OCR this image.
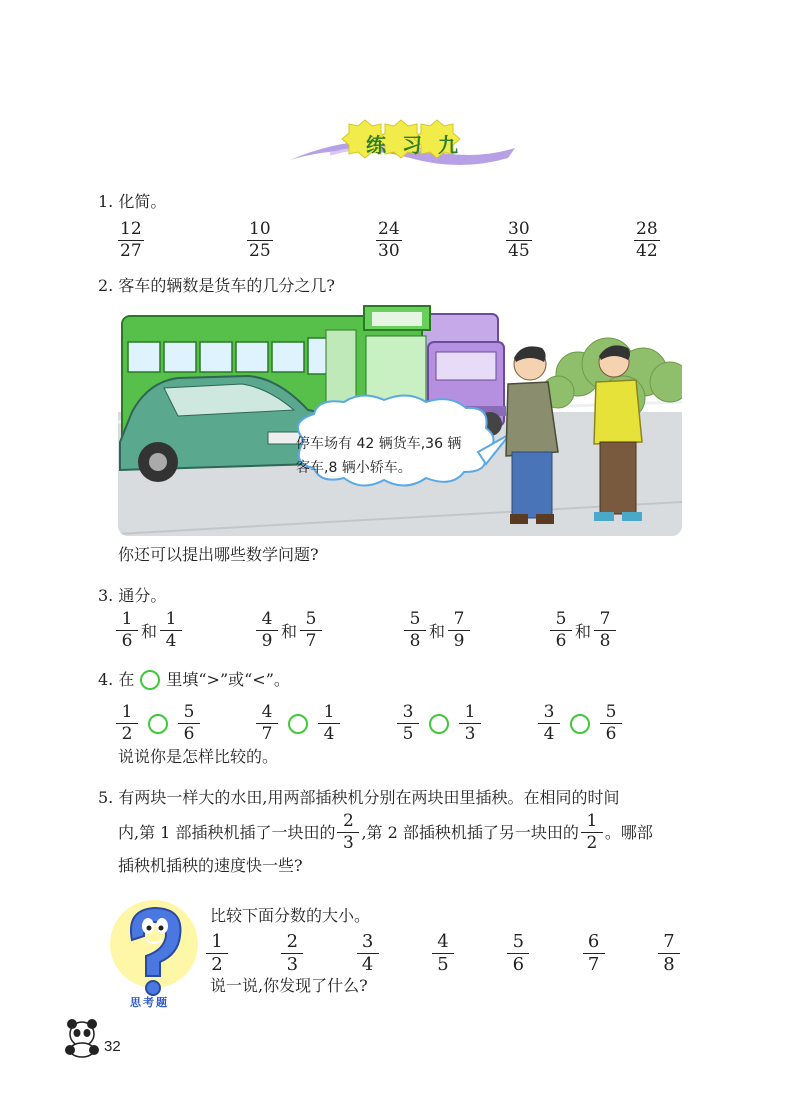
练 习 九
1. 化简。
$\frac{12}{27}$	$\frac{10}{25}$	$\frac{24}{30}$	$\frac{30}{45}$	$\frac{28}{42}$
2. 客车的辆数是货车的几分之几?
停车场有 42 辆货车,36 辆
客车,8 辆小轿车。
你还可以提出哪些数学问题?
3. 通分。
$\frac{1}{6}$ 和 $\frac{1}{4}$	$\frac{4}{9}$ 和 $\frac{5}{7}$	$\frac{5}{8}$ 和 $\frac{7}{9}$	$\frac{5}{6}$ 和 $\frac{7}{8}$
4. 在 里填“>”或“<”。
$\frac{1}{2} \frac{5}{6}$	$\frac{4}{7} \frac{1}{4}$	$\frac{3}{5} \frac{1}{3}$	$\frac{3}{4} \frac{5}{6}$
说说你是怎样比较的。
5. 有两块一样大的水田,用两部插秧机分别在两块田里插秧。在相同的时间
内,第 1 部插秧机插了一块田的 $\frac{2}{3}$ ,第 2 部插秧机插了另一块田的 $\frac{1}{2}$ 。哪部
插秧机插秧的速度快一些?
思考题
比较下面分数的大小。
$\frac{1}{2}$	$\frac{2}{3}$	$\frac{3}{4}$	$\frac{4}{5}$	$\frac{5}{6}$	$\frac{6}{7}$	$\frac{7}{8}$
说一说,你发现了什么?
32
